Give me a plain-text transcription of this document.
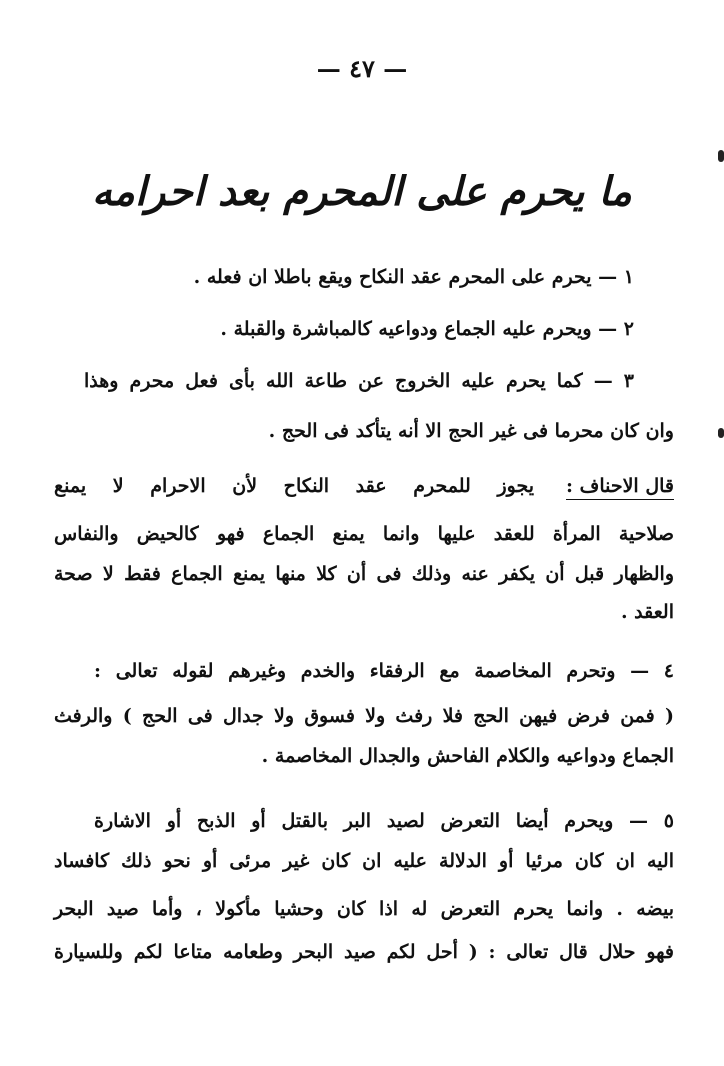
— ٤٧ —
ما يحرم على المحرم بعد احرامه
١ — يحرم على المحرم عقد النكاح ويقع باطلا ان فعله .
٢ — ويحرم عليه الجماع ودواعيه كالمباشرة والقبلة .
٣ — كما يحرم عليه الخروج عن طاعة الله بأى فعل محرم وهذا
وان كان محرما فى غير الحج الا أنه يتأكد فى الحج .
قال الاحناف :
يجوز للمحرم عقد النكاح لأن الاحرام لا يمنع
صلاحية المرأة للعقد عليها وانما يمنع الجماع فهو كالحيض والنفاس
والظهار قبل أن يكفر عنه وذلك فى أن كلا منها يمنع الجماع فقط لا صحة
العقد .
٤ — وتحرم المخاصمة مع الرفقاء والخدم وغيرهم لقوله تعالى :
( فمن فرض فيهن الحج فلا رفث ولا فسوق ولا جدال فى الحج ) والرفث
الجماع ودواعيه والكلام الفاحش والجدال المخاصمة .
٥ — ويحرم أيضا التعرض لصيد البر بالقتل أو الذبح أو الاشارة
اليه ان كان مرئيا أو الدلالة عليه ان كان غير مرئى أو نحو ذلك كافساد
بيضه . وانما يحرم التعرض له اذا كان وحشيا مأكولا ، وأما صيد البحر
فهو حلال قال تعالى : ( أحل لكم صيد البحر وطعامه متاعا لكم وللسيارة
